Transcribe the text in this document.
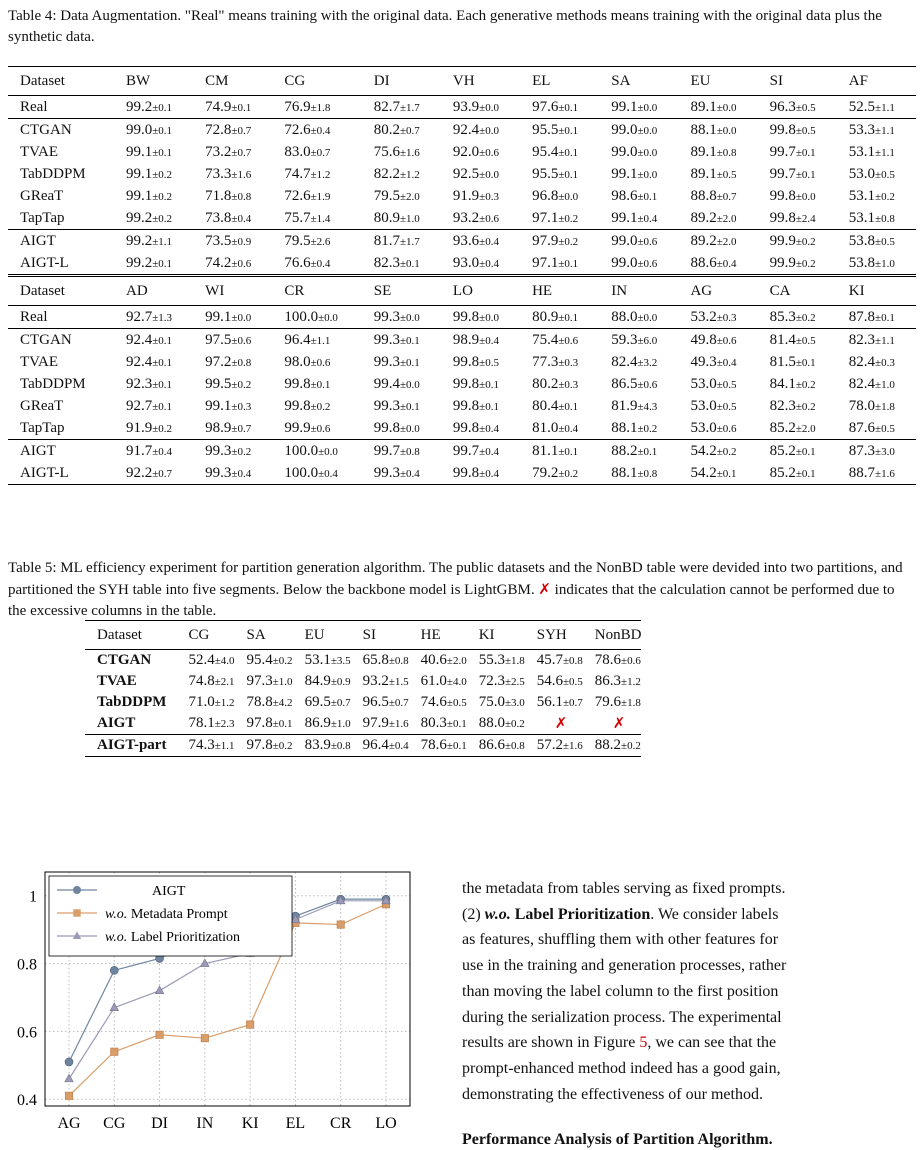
Table 4: Data Augmentation. "Real" means training with the original data. Each generative methods means training with the original data plus the synthetic data.
Dataset	BW	CM	CG	DI	VH	EL	SA	EU	SI	AF
Real	99.2±0.1	74.9±0.1	76.9±1.8	82.7±1.7	93.9±0.0	97.6±0.1	99.1±0.0	89.1±0.0	96.3±0.5	52.5±1.1
CTGAN	99.0±0.1	72.8±0.7	72.6±0.4	80.2±0.7	92.4±0.0	95.5±0.1	99.0±0.0	88.1±0.0	99.8±0.5	53.3±1.1
TVAE	99.1±0.1	73.2±0.7	83.0±0.7	75.6±1.6	92.0±0.6	95.4±0.1	99.0±0.0	89.1±0.8	99.7±0.1	53.1±1.1
TabDDPM	99.1±0.2	73.3±1.6	74.7±1.2	82.2±1.2	92.5±0.0	95.5±0.1	99.1±0.0	89.1±0.5	99.7±0.1	53.0±0.5
GReaT	99.1±0.2	71.8±0.8	72.6±1.9	79.5±2.0	91.9±0.3	96.8±0.0	98.6±0.1	88.8±0.7	99.8±0.0	53.1±0.2
TapTap	99.2±0.2	73.8±0.4	75.7±1.4	80.9±1.0	93.2±0.6	97.1±0.2	99.1±0.4	89.2±2.0	99.8±2.4	53.1±0.8
AIGT	99.2±1.1	73.5±0.9	79.5±2.6	81.7±1.7	93.6±0.4	97.9±0.2	99.0±0.6	89.2±2.0	99.9±0.2	53.8±0.5
AIGT-L	99.2±0.1	74.2±0.6	76.6±0.4	82.3±0.1	93.0±0.4	97.1±0.1	99.0±0.6	88.6±0.4	99.9±0.2	53.8±1.0
Dataset	AD	WI	CR	SE	LO	HE	IN	AG	CA	KI
Real	92.7±1.3	99.1±0.0	100.0±0.0	99.3±0.0	99.8±0.0	80.9±0.1	88.0±0.0	53.2±0.3	85.3±0.2	87.8±0.1
CTGAN	92.4±0.1	97.5±0.6	96.4±1.1	99.3±0.1	98.9±0.4	75.4±0.6	59.3±6.0	49.8±0.6	81.4±0.5	82.3±1.1
TVAE	92.4±0.1	97.2±0.8	98.0±0.6	99.3±0.1	99.8±0.5	77.3±0.3	82.4±3.2	49.3±0.4	81.5±0.1	82.4±0.3
TabDDPM	92.3±0.1	99.5±0.2	99.8±0.1	99.4±0.0	99.8±0.1	80.2±0.3	86.5±0.6	53.0±0.5	84.1±0.2	82.4±1.0
GReaT	92.7±0.1	99.1±0.3	99.8±0.2	99.3±0.1	99.8±0.1	80.4±0.1	81.9±4.3	53.0±0.5	82.3±0.2	78.0±1.8
TapTap	91.9±0.2	98.9±0.7	99.9±0.6	99.8±0.0	99.8±0.4	81.0±0.4	88.1±0.2	53.0±0.6	85.2±2.0	87.6±0.5
AIGT	91.7±0.4	99.3±0.2	100.0±0.0	99.7±0.8	99.7±0.4	81.1±0.1	88.2±0.1	54.2±0.2	85.2±0.1	87.3±3.0
AIGT-L	92.2±0.7	99.3±0.4	100.0±0.4	99.3±0.4	99.8±0.4	79.2±0.2	88.1±0.8	54.2±0.1	85.2±0.1	88.7±1.6
Table 5: ML efficiency experiment for partition generation algorithm. The public datasets and the NonBD table were devided into two partitions, and partitioned the SYH table into five segments. Below the backbone model is LightGBM. ✗ indicates that the calculation cannot be performed due to the excessive columns in the table.
Dataset	CG	SA	EU	SI	HE	KI	SYH	NonBD
CTGAN	52.4±4.0	95.4±0.2	53.1±3.5	65.8±0.8	40.6±2.0	55.3±1.8	45.7±0.8	78.6±0.6
TVAE	74.8±2.1	97.3±1.0	84.9±0.9	93.2±1.5	61.0±4.0	72.3±2.5	54.6±0.5	86.3±1.2
TabDDPM	71.0±1.2	78.8±4.2	69.5±0.7	96.5±0.7	74.6±0.5	75.0±3.0	56.1±0.7	79.6±1.8
AIGT	78.1±2.3	97.8±0.1	86.9±1.0	97.9±1.6	80.3±0.1	88.0±0.2	✗	✗
AIGT-part	74.3±1.1	97.8±0.2	83.9±0.8	96.4±0.4	78.6±0.1	86.6±0.8	57.2±1.6	88.2±0.2
0.4
0.6
0.8
1
AG CG DI IN KI EL CR LO
AIGT
w.o. Metadata Prompt
w.o. Label Prioritization

the metadata from tables serving as fixed prompts.

(2) w.o. Label Prioritization. We consider labels

as features, shuffling them with other features for

use in the training and generation processes, rather

than moving the label column to the first position

during the serialization process. The experimental

results are shown in Figure 5, we can see that the

prompt-enhanced method indeed has a good gain,

demonstrating the effectiveness of our method.

Performance Analysis of Partition Algorithm.
